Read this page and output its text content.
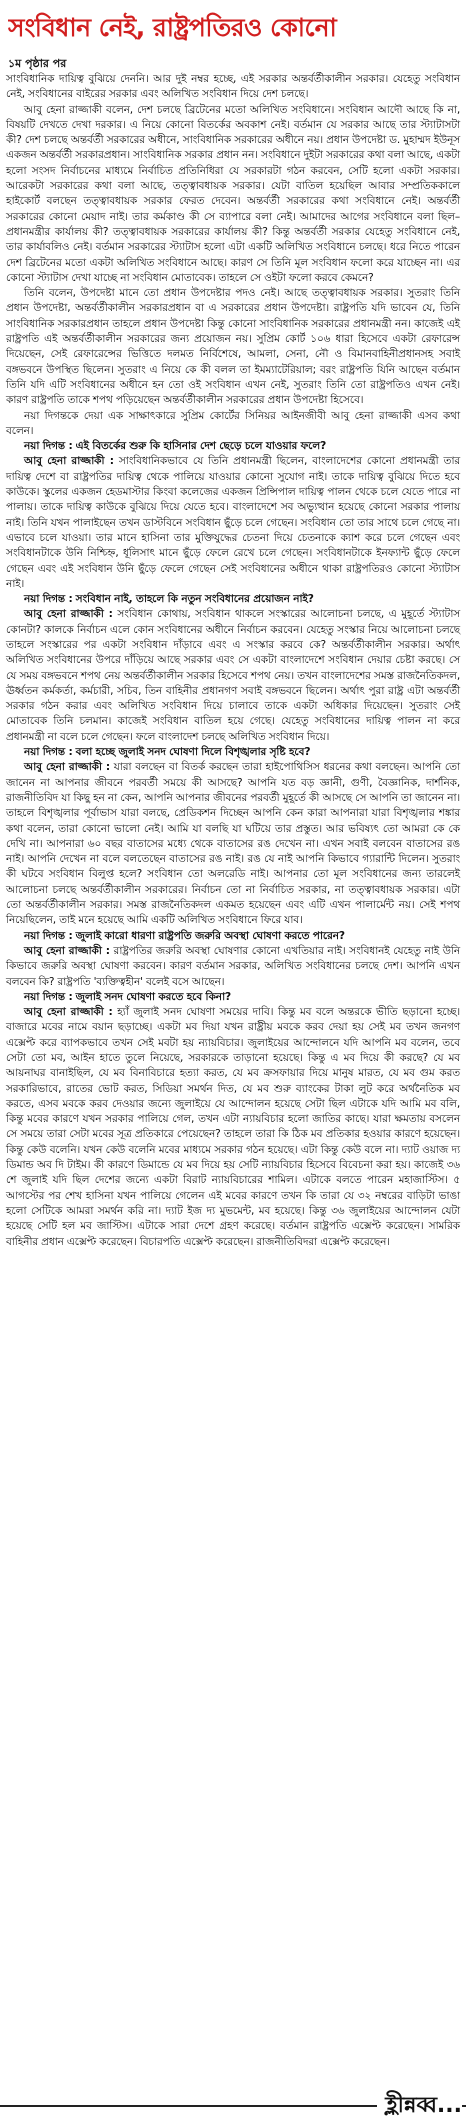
সংবিধান নেই, রাষ্ট্রপতিরও কোনো
১ম পৃষ্ঠার পর

সাংবিধানিক দায়িত্ব বুঝিয়ে দেননি। আর দুই নম্বর হচ্ছে, এই সরকার অন্তর্বর্তীকালীন সরকার। যেহেতু সংবিধান নেই, সংবিধানের বাইরের সরকার এবং অলিখিত সংবিধান দিয়ে দেশ চলছে।

আবু হেনা রাজ্জাকী বলেন, দেশ চলছে ব্রিটেনের মতো অলিখিত সংবিধানে। সংবিধান আদৌ আছে কি না, বিষয়টি দেখতে দেখা দরকার। এ নিয়ে কোনো বিতর্কের অবকাশ নেই। বর্তমান যে সরকার আছে তার স্ট্যাটাসটা কী? দেশ চলছে অন্তর্বর্তী সরকারের অধীনে, সাংবিধানিক সরকারের অধীনে নয়। প্রধান উপদেষ্টা ড. মুহাম্মদ ইউনূস একজন অন্তর্বর্তী সরকারপ্রধান। সাংবিধানিক সরকার প্রধান নন। সংবিধানে দুইটা সরকারের কথা বলা আছে, একটা হলো সংসদ নির্বাচনের মাধ্যমে নির্বাচিত প্রতিনিধিরা যে সরকারটা গঠন করবেন, সেটি হলো একটা সরকার। আরেকটা সরকারের কথা বলা আছে, তত্ত্বাবধায়ক সরকার। যেটা বাতিল হয়েছিল আবার সম্প্রতিককালে হাইকোর্ট বলছেন তত্ত্বাবধায়ক সরকার ফেরত দেবেন। অন্তর্বর্তী সরকারের কথা সংবিধানে নেই। অন্তর্বর্তী সরকারের কোনো মেয়াদ নাই। তার কর্মকাণ্ড কী সে ব্যাপারে বলা নেই। আমাদের আগের সংবিধানে বলা ছিল– প্রধানমন্ত্রীর কার্যালয় কী? তত্ত্বাবধায়ক সরকারের কার্যালয় কী? কিন্তু অন্তর্বর্তী সরকার যেহেতু সংবিধানে নেই, তার কার্যাবলিও নেই। বর্তমান সরকারের স্ট্যাটাস হলো এটা একটি অলিখিত সংবিধানে চলছে। ধরে নিতে পারেন দেশ ব্রিটেনের মতো একটা অলিখিত সংবিধানে আছে। কারণ সে তিনি মূল সংবিধান ফলো করে যাচ্ছেন না। এর কোনো স্ট্যাটাস দেখা যাচ্ছে না সংবিধান মোতাবেক। তাহলে সে ওইটা ফলো করবে কেমনে?

তিনি বলেন, উপদেষ্টা মানে তো প্রধান উপদেষ্টার পদও নেই। আছে তত্ত্বাবধায়ক সরকার। সুতরাং তিনি প্রধান উপদেষ্টা, অন্তর্বর্তীকালীন সরকারপ্রধান বা এ সরকারের প্রধান উপদেষ্টা। রাষ্ট্রপতি যদি ভাবেন যে, তিনি সাংবিধানিক সরকারপ্রধান তাহলে প্রধান উপদেষ্টা কিন্তু কোনো সাংবিধানিক সরকারের প্রধানমন্ত্রী নন। কাজেই এই রাষ্ট্রপতি এই অন্তর্বর্তীকালীন সরকারের জন্য প্রয়োজন নয়। সুপ্রিম কোর্ট ১০৬ ধারা হিসেবে একটা রেফারেন্স দিয়েছেন, সেই রেফারেন্সের ভিত্তিতে দলমত নির্বিশেষে, আমলা, সেনা, নৌ ও বিমানবাহিনীপ্রধানসহ সবাই বঙ্গভবনে উপস্থিত ছিলেন। সুতরাং এ নিয়ে কে কী বলল তা ইমম্যাটেরিয়াল; বরং রাষ্ট্রপতি যিনি আছেন বর্তমান তিনি যদি এটি সংবিধানের অধীনে হন তো ওই সংবিধান এখন নেই, সুতরাং তিনি তো রাষ্ট্রপতিও এখন নেই। কারণ রাষ্ট্রপতি তাকে শপথ পড়িয়েছেন অন্তর্বর্তীকালীন সরকারের প্রধান উপদেষ্টা হিসেবে।

নয়া দিগন্তকে দেয়া এক সাক্ষাৎকারে সুপ্রিম কোর্টের সিনিয়র আইনজীবী আবু হেনা রাজ্জাকী এসব কথা বলেন।

নয়া দিগন্ত : এই বিতর্কের শুরু কি হাসিনার দেশ ছেড়ে চলে যাওয়ার ফলে?

আবু হেনা রাজ্জাকী : সাংবিধানিকভাবে যে তিনি প্রধানমন্ত্রী ছিলেন, বাংলাদেশের কোনো প্রধানমন্ত্রী তার দায়িত্ব দেশে বা রাষ্ট্রপতির দায়িত্ব থেকে পালিয়ে যাওয়ার কোনো সুযোগ নাই। তাকে দায়িত্ব বুঝিয়ে দিতে হবে কাউকে। স্কুলের একজন হেডমাস্টার কিংবা কলেজের একজন প্রিন্সিপাল দায়িত্ব পালন থেকে চলে যেতে পারে না পালায়। তাকে দায়িত্ব কাউকে বুঝিয়ে দিয়ে যেতে হবে। বাংলাদেশে সব অভ্যুত্থান হয়েছে কোনো সরকার পালায় নাই। তিনি যখন পালাইছেন তখন ডাস্টবিনে সংবিধান ছুঁড়ে চলে গেছেন। সংবিধান তো তার সাথে চলে গেছে না। এভাবে চলে যাওয়া। তার মানে হাসিনা তার মুক্তিযুদ্ধের চেতনা দিয়ে চেতনাকে ক্যাশ করে চলে গেছেন এবং সংবিধানটাকে উনি নিশ্চিহ্ন, ধূলিসাৎ মানে ছুঁড়ে ফেলে রেখে চলে গেছেন। সংবিধানটাকে ইনফ্যান্ট ছুঁড়ে ফেলে গেছেন এবং এই সংবিধান উনি ছুঁড়ে ফেলে গেছেন সেই সংবিধানের অধীনে থাকা রাষ্ট্রপতিরও কোনো স্ট্যাটাস নাই।

নয়া দিগন্ত : সংবিধান নাই, তাহলে কি নতুন সংবিধানের প্রয়োজন নাই?

আবু হেনা রাজ্জাকী : সংবিধান কোথায়, সংবিধান থাকলে সংস্কারের আলোচনা চলছে, এ মুহূর্তে স্ট্যাটাস কোনটা? কালকে নির্বাচন এলে কোন সংবিধানের অধীনে নির্বাচন করবেন। যেহেতু সংস্কার নিয়ে আলোচনা চলছে তাহলে সংস্কারের পর একটা সংবিধান দাঁড়াবে এবং এ সংস্কার করবে কে? অন্তর্বর্তীকালীন সরকার। অর্থাৎ অলিখিত সংবিধানের উপরে দাঁড়িয়ে আছে সরকার এবং সে একটা বাংলাদেশে সংবিধান দেয়ার চেষ্টা করছে। সে যে সময় বঙ্গভবনে শপথ নেয় অন্তর্বর্তীকালীন সরকার হিসেবে শপথ নেয়। তখন বাংলাদেশের সমস্ত রাজনৈতিকদল, ঊর্ধ্বতন কর্মকর্তা, কর্মচারী, সচিব, তিন বাহিনীর প্রধানগণ সবাই বঙ্গভবনে ছিলেন। অর্থাৎ পুরা রাষ্ট্র এটা অন্তর্বর্তী সরকার গঠন করার এবং অলিখিত সংবিধান দিয়ে চালাবে তাকে একটা অধিকার দিয়েছেন। সুতরাং সেই মোতাবেক তিনি চলমান। কাজেই সংবিধান বাতিল হয়ে গেছে। যেহেতু সংবিধানের দায়িত্ব পালন না করে প্রধানমন্ত্রী না বলে চলে গেছেন। ফলে বাংলাদেশ চলছে অলিখিত সংবিধান দিয়ে।

নয়া দিগন্ত : বলা হচ্ছে জুলাই সনদ ঘোষণা দিলে বিশৃঙ্খলার সৃষ্টি হবে?

আবু হেনা রাজ্জাকী : যারা বলছেন বা বিতর্ক করছেন তারা হাইপোথিসিস ধরনের কথা বলছেন। আপনি তো জানেন না আপনার জীবনে পরবর্তী সময়ে কী আসছে? আপনি যত বড় জ্ঞানী, গুণী, বৈজ্ঞানিক, দার্শনিক, রাজনীতিবিদ যা কিছু হন না কেন, আপনি আপনার জীবনের পরবর্তী মুহূর্তে কী আসছে সে আপনি তা জানেন না। তাহলে বিশৃঙ্খলার পূর্বাভাস যারা বলছে, প্রেডিকশন দিচ্ছেন আপনি কেন কারা আপনারা যারা বিশৃঙ্খলার শঙ্কার কথা বলেন, তারা কোনো ভালো নেই। আমি যা বলছি যা ঘটিয়ে তার প্রস্তুত। আর ভবিষ্যৎ তো আমরা কে কে দেখি না। আপনারা ৬০ বছর বাতাসের মধ্যে থেকে বাতাসের রঙ দেখেন না। এখন সবাই বলবেন বাতাসের রঙ নাই। আপনি দেখেন না বলে বলতেছেন বাতাসের রঙ নাই। রঙ যে নাই আপনি কিভাবে গ্যারান্টি দিলেন। সুতরাং কী ঘটবে সংবিধান বিলুপ্ত হলে? সংবিধান তো অলরেডি নাই। আপনার তো মূল সংবিধানের জন্য তারলেই আলোচনা চলছে অন্তর্বর্তীকালীন সরকারের। নির্বাচন তো না নির্বাচিত সরকার, না তত্ত্বাবধায়ক সরকার। এটা তো অন্তর্বর্তীকালীন সরকার। সমস্ত রাজনৈতিকদল একমত হয়েছেন এবং এটি এখন পালার্মেন্ট নয়। সেই শপথ নিয়েছিলেন, তাই মনে হয়েছে আমি একটি অলিখিত সংবিধানে ফিরে যাব।

নয়া দিগন্ত : জুলাই কারো ধারণা রাষ্ট্রপতি জরুরি অবস্থা ঘোষণা করতে পারেন?

আবু হেনা রাজ্জাকী : রাষ্ট্রপতির জরুরি অবস্থা ঘোষণার কোনো এখতিয়ার নাই। সংবিধানই যেহেতু নাই উনি কিভাবে জরুরি অবস্থা ঘোষণা করবেন। কারণ বর্তমান সরকার, অলিখিত সংবিধানের চলছে দেশ। আপনি এখন বলবেন কি? রাষ্ট্রপতি 'ব্যক্তিত্বহীন' বলেই বসে আছেন।

নয়া দিগন্ত : জুলাই সনদ ঘোষণা করতে হবে কিনা?

আবু হেনা রাজ্জাকী : হ্যাঁ জুলাই সনদ ঘোষণা সময়ের দাবি। কিন্তু মব বলে অন্তরকে ভীতি ছড়ানো হচ্ছে। বাজারে মবের নামে বয়ান ছড়াচ্ছে। একটা মব দিয়া যখন রাষ্ট্রীয় মবকে করব দেয়া হয় সেই মব তখন জনগণ এক্সেপ্ট করে ব্যাপকভাবে তখন সেই মবটা হয় ন্যায়বিচার। জুলাইয়ের আন্দোলনে যদি আপনি মব বলেন, তবে সেটা তো মব, আইন হাতে তুলে নিয়েছে, সরকারকে তাড়ানো হয়েছে। কিন্তু এ মব দিয়ে কী করছে? যে মব আয়নাঘর বানাইছিল, যে মব বিনাবিচারে হত্যা করত, যে মব ক্রসফায়ার দিয়ে মানুষ মারত, যে মব গুম করত সরকারিভাবে, রাতের ভোট করত, সিডিয়া সমর্থন দিত, যে মব শুরু ব্যাংকের টাকা লুট করে অর্থনৈতিক মব করতে, এসব মবকে করব দেওয়ার জন্যে জুলাইয়ে যে আন্দোলন হয়েছে সেটা ছিল এটাকে যদি আমি মব বলি, কিন্তু মবের কারণে যখন সরকার পালিয়ে গেল, তখন এটা ন্যায়বিচার হলো জাতির কাছে। যারা ক্ষমতায় বসলেন সে সময়ে তারা সেটা মবের সূত্র প্রতিকারে পেয়েছেন? তাহলে তারা কি ঠিক মব প্রতিকার হওয়ার কারণে হয়েছেন। কিন্তু কেউ বলেনি। যখন কেউ বলেনি মবের মাধ্যমে সরকার গঠন হয়েছে। এটা কিন্তু কেউ বলে না। দ্যাট ওয়াজ দ্য ডিমান্ড অব দি টাইম। কী কারণে ডিমান্ডে যে মব দিয়ে হয় সেটি ন্যায়বিচার হিসেবে বিবেচনা করা হয়। কাজেই ৩৬ শে জুলাই যদি ছিল দেশের জন্যে একটা বিরাট ন্যায়বিচারের শামিল। এটাকে বলতে পারেন মহাজাস্টিস। ৫ আগস্টের পর শেখ হাসিনা যখন পালিয়ে গেলেন এই মবের কারণে তখন কি তারা যে ৩২ নম্বরের বাড়িটা ভাঙা হলো সেটিকে আমরা সমর্থন করি না। দ্যাট ইজ দ্য মুভমেন্ট, মব হয়েছে। কিন্তু ৩৬ জুলাইয়ের আন্দোলন যেটা হয়েছে সেটি হল মব জাস্টিস। এটাকে সারা দেশে গ্রহণ করেছে। বর্তমান রাষ্ট্রপতি এক্সেপ্ট করেছেন। সামরিক বাহিনীর প্রধান এক্সেপ্ট করেছেন। বিচারপতি এক্সেপ্ট করেছেন। রাজনীতিবিদরা এক্সেপ্ট করেছেন।

হ্লীন্নব্ব...
